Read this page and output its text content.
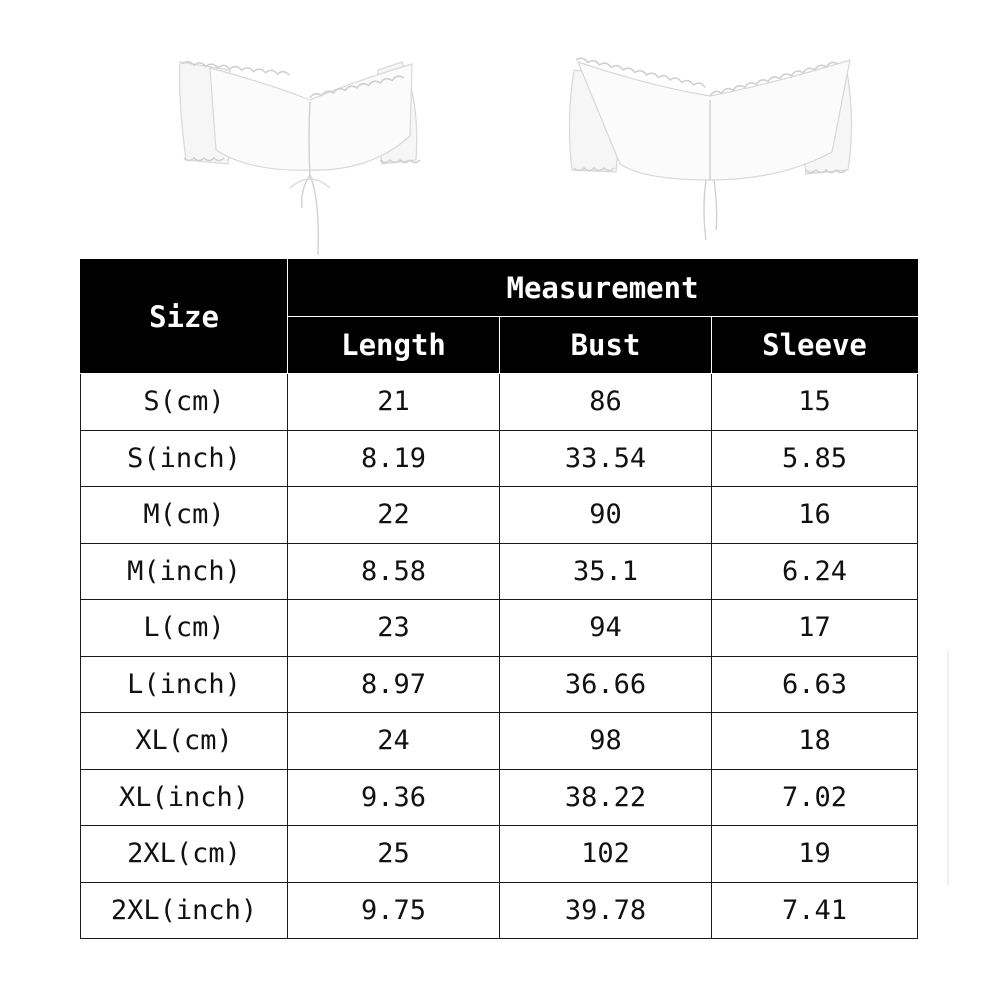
Size	Measurement		
	Length	Bust	Sleeve
S(cm)	21	86	15
S(inch)	8.19	33.54	5.85
M(cm)	22	90	16
M(inch)	8.58	35.1	6.24
L(cm)	23	94	17
L(inch)	8.97	36.66	6.63
XL(cm)	24	98	18
XL(inch)	9.36	38.22	7.02
2XL(cm)	25	102	19
2XL(inch)	9.75	39.78	7.41
